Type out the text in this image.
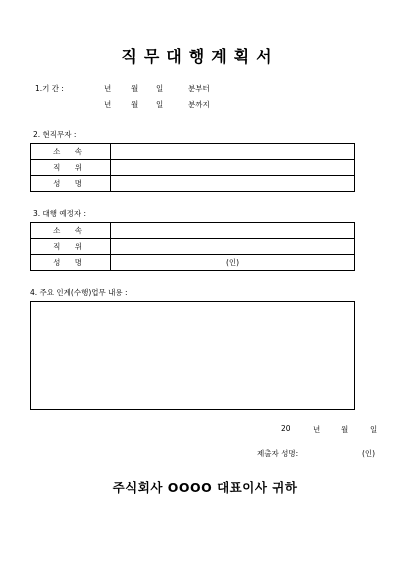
직무대행계획서
1.기 간 :	년	월 일	분부터
년	월 일	분까지
2. 현직무자 :
소 속	
직 위	
성 명	
3. 대행 예정자 :
소 속	
직 위	
성 명	(인)
4. 주요 인계(수행)업무 내용 :
20	년	월	일
제출자 성명:	(인)
주식회사 OOOO 대표이사 귀하
